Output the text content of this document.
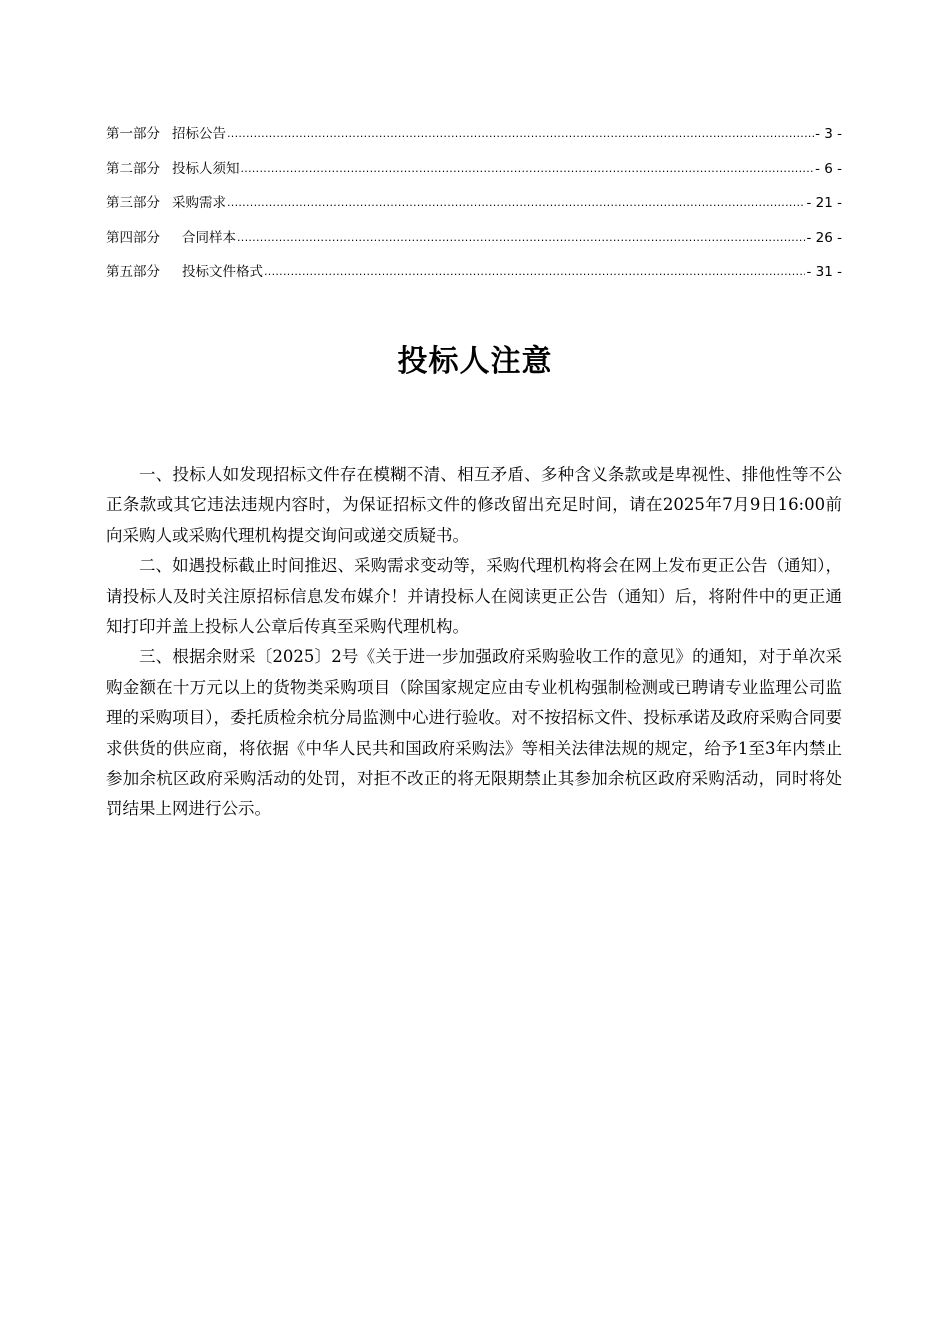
第一部分 招标公告 .....	- 3 -
第二部分 投标人须知 .....	- 6 -
第三部分 采购需求 .....	- 21 -
第四部分 合同样本 .....	- 26 -
第五部分 投标文件格式 .....	- 31 -
投标人注意

一、投标人如发现招标文件存在模糊不清、相互矛盾、多种含义条款或是卑视性、排他性等不公正条款或其它违法违规内容时，为保证招标文件的修改留出充足时间，请在2025年7月9日16:00前向采购人或采购代理机构提交询问或递交质疑书。

二、如遇投标截止时间推迟、采购需求变动等，采购代理机构将会在网上发布更正公告（通知），请投标人及时关注原招标信息发布媒介！并请投标人在阅读更正公告（通知）后，将附件中的更正通知打印并盖上投标人公章后传真至采购代理机构。

三、根据余财采〔2025〕2号《关于进一步加强政府采购验收工作的意见》的通知，对于单次采购金额在十万元以上的货物类采购项目（除国家规定应由专业机构强制检测或已聘请专业监理公司监理的采购项目），委托质检余杭分局监测中心进行验收。对不按招标文件、投标承诺及政府采购合同要求供货的供应商，将依据《中华人民共和国政府采购法》等相关法律法规的规定，给予1至3年内禁止参加余杭区政府采购活动的处罚，对拒不改正的将无限期禁止其参加余杭区政府采购活动，同时将处罚结果上网进行公示。
